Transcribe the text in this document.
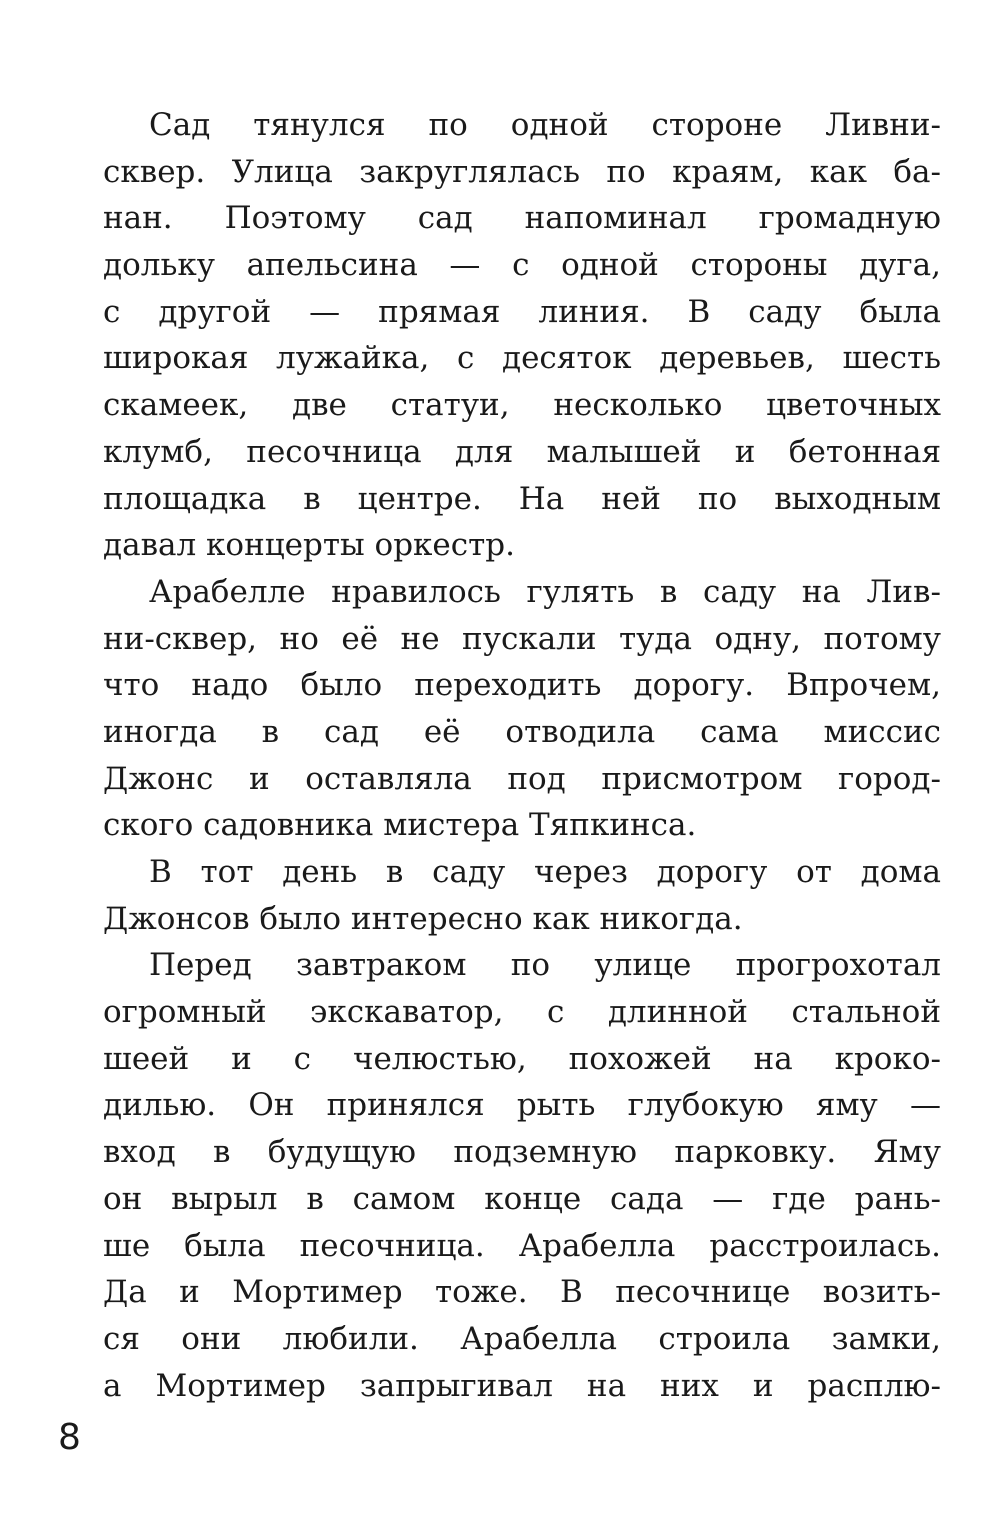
Сад тянулся по одной стороне Ливни-
сквер. Улица закруглялась по краям, как ба-
нан. Поэтому сад напоминал громадную
дольку апельсина — с одной стороны дуга,
с другой — прямая линия. В саду была
широкая лужайка, с десяток деревьев, шесть
скамеек, две статуи, несколько цветочных
клумб, песочница для малышей и бетонная
площадка в центре. На ней по выходным
давал концерты оркестр.
Арабелле нравилось гулять в саду на Лив-
ни-сквер, но её не пускали туда одну, потому
что надо было переходить дорогу. Впрочем,
иногда в сад её отводила сама миссис
Джонс и оставляла под присмотром город-
ского садовника мистера Тяпкинса.
В тот день в саду через дорогу от дома
Джонсов было интересно как никогда.
Перед завтраком по улице прогрохотал
огромный экскаватор, с длинной стальной
шеей и с челюстью, похожей на кроко-
дилью. Он принялся рыть глубокую яму —
вход в будущую подземную парковку. Яму
он вырыл в самом конце сада — где рань-
ше была песочница. Арабелла расстроилась.
Да и Мортимер тоже. В песочнице возить-
ся они любили. Арабелла строила замки,
а Мортимер запрыгивал на них и расплю-
8
